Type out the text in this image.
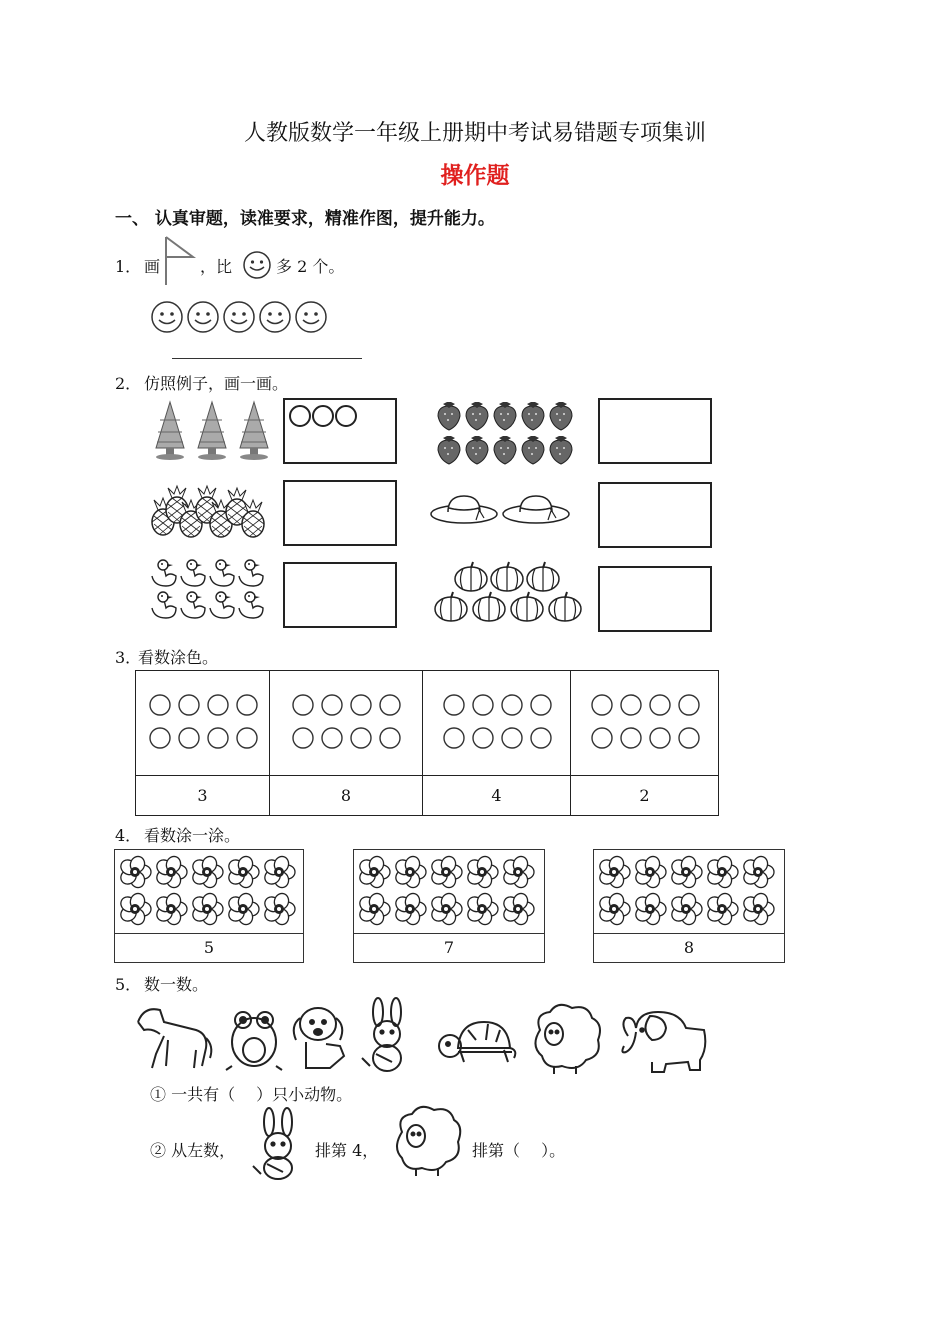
人教版数学一年级上册期中考试易错题专项集训
操作题
一、 认真审题，读准要求，精准作图，提升能力。
1． 画 ，比	多 2 个。
2． 仿照例子，画一画。
3．
看数涂色。

3	8	4	2
4． 看数涂一涂。
5	7	8
5． 数一数。
① 一共有（　 ）只小动物。
② 从左数，	排第 4，	排第（　 ）。
